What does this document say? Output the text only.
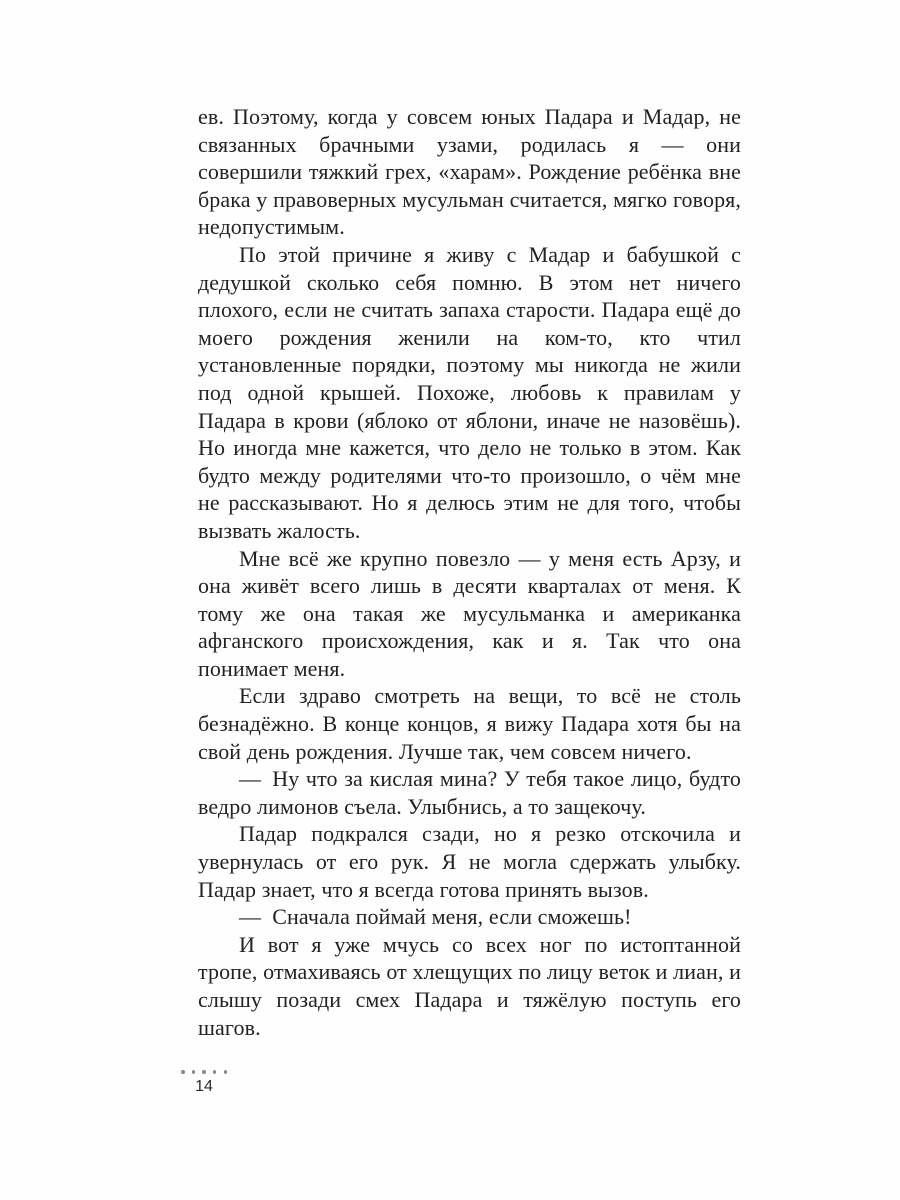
ев. Поэтому, когда у совсем юных Падара и Мадар, не связанных брачными узами, родилась я — они совершили тяжкий грех, «харам». Рождение ребёнка вне брака у правоверных мусульман считается, мягко говоря, недопустимым.

По этой причине я живу с Мадар и бабушкой с дедушкой сколько себя помню. В этом нет ничего плохого, если не считать запаха старости. Падара ещё до моего рождения женили на ком-то, кто чтил установленные порядки, поэтому мы никогда не жили под одной крышей. Похоже, любовь к правилам у Падара в крови (яблоко от яблони, иначе не назовёшь). Но иногда мне кажется, что дело не только в этом. Как будто между родителями что-то произошло, о чём мне не рассказывают. Но я делюсь этим не для того, чтобы вызвать жалость.

Мне всё же крупно повезло — у меня есть Арзу, и она живёт всего лишь в десяти кварталах от меня. К тому же она такая же мусульманка и американка афганского происхождения, как и я. Так что она понимает меня.

Если здраво смотреть на вещи, то всё не столь безнадёжно. В конце концов, я вижу Падара хотя бы на свой день рождения. Лучше так, чем совсем ничего.

— Ну что за кислая мина? У тебя такое лицо, будто ведро лимонов съела. Улыбнись, а то защекочу.

Падар подкрался сзади, но я резко отскочила и увернулась от его рук. Я не могла сдержать улыбку. Падар знает, что я всегда готова принять вызов.

— Сначала поймай меня, если сможешь!

И вот я уже мчусь со всех ног по истоптанной тропе, отмахиваясь от хлещущих по лицу веток и лиан, и слышу позади смех Падара и тяжёлую поступь его шагов.

14
